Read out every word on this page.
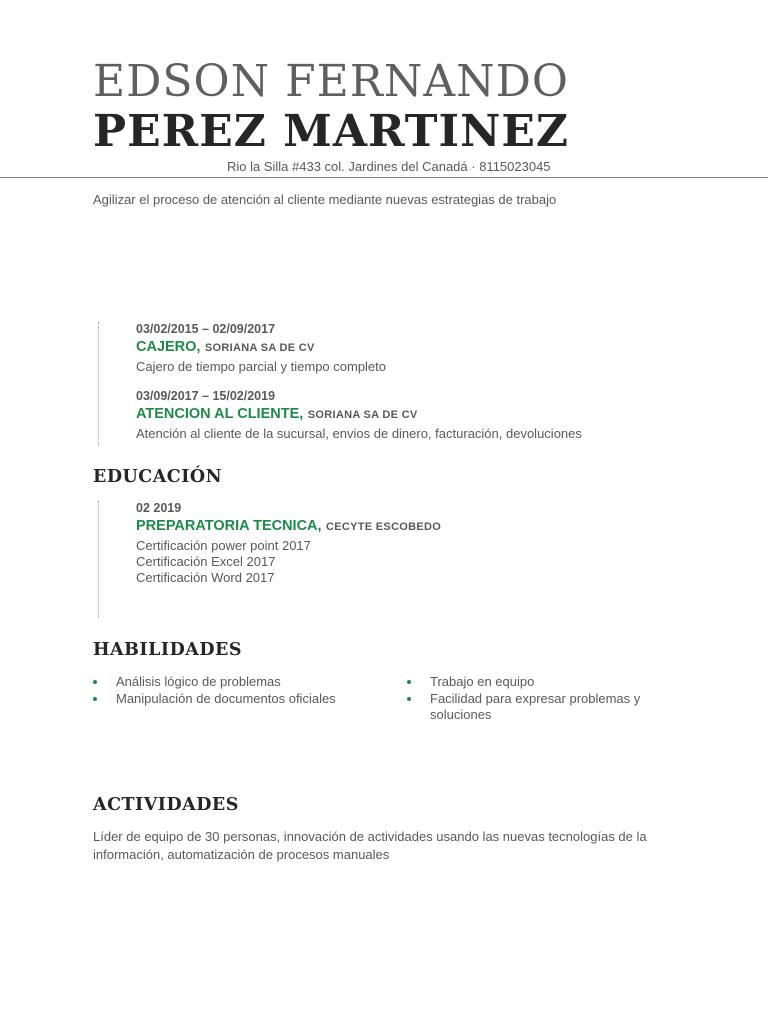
EDSON FERNANDO
PEREZ MARTINEZ
Rio la Silla #433 col. Jardines del Canadá · 8115023045
Agilizar el proceso de atención al cliente mediante nuevas estrategias de trabajo
03/02/2015 – 02/09/2017
CAJERO, SORIANA SA DE CV
Cajero de tiempo parcial y tiempo completo
03/09/2017 – 15/02/2019
ATENCION AL CLIENTE, SORIANA SA DE CV
Atención al cliente de la sucursal, envios de dinero, facturación, devoluciones
EDUCACIÓN
02 2019
PREPARATORIA TECNICA, CECYTE ESCOBEDO
Certificación power point 2017
Certificación Excel 2017
Certificación Word 2017
HABILIDADES
Análisis lógico de problemas
Manipulación de documentos oficiales
Trabajo en equipo
Facilidad para expresar problemas y soluciones
ACTIVIDADES
Líder de equipo de 30 personas, innovación de actividades usando las nuevas tecnologías de la información, automatización de procesos manuales
